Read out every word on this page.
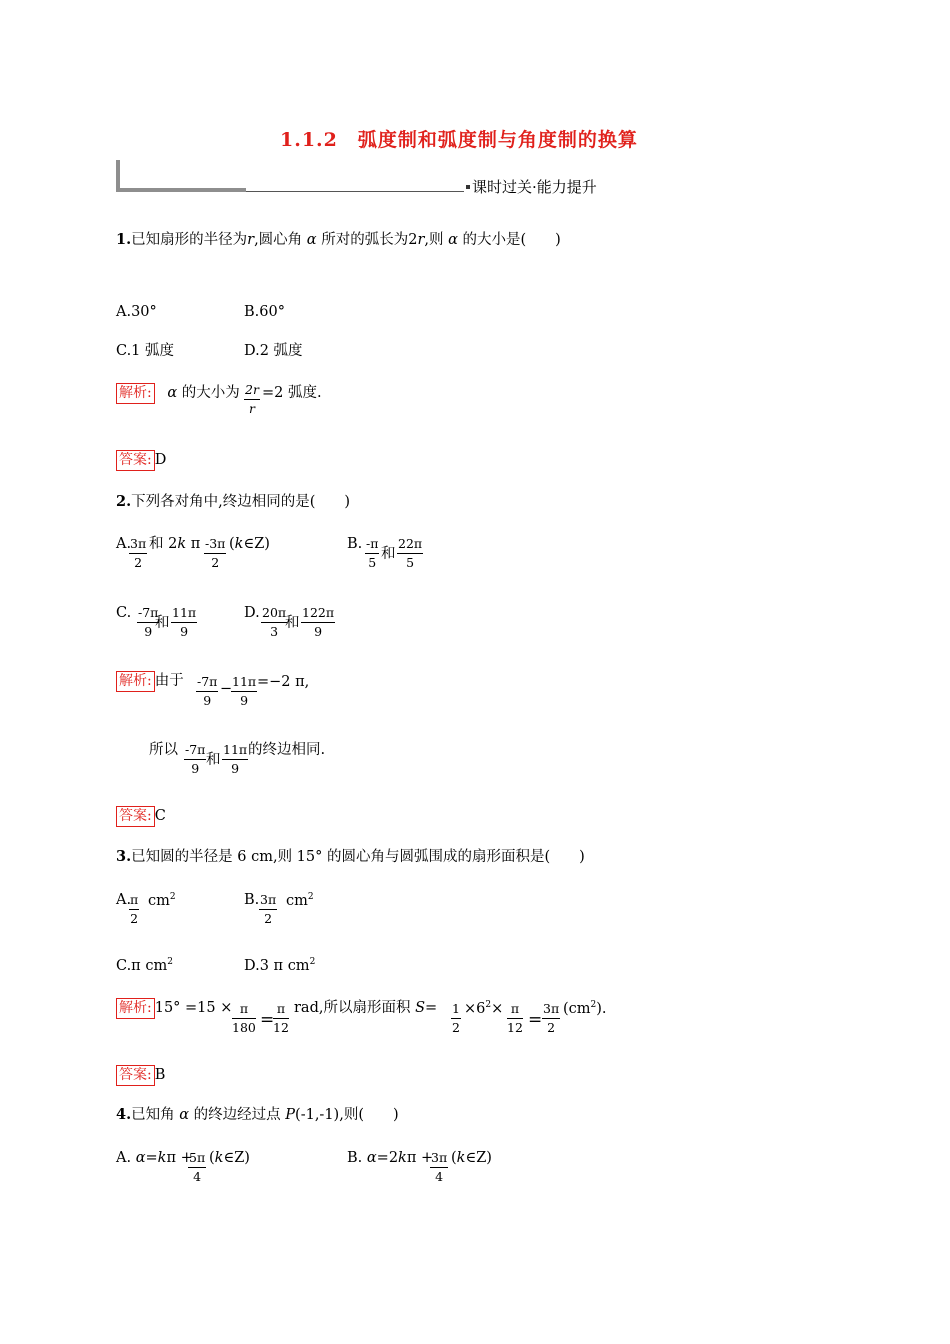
1.1.2　弧度制和弧度制与角度制的换算
课时过关·能力提升
1.已知扇形的半径为r,圆心角 α 所对的弧长为2r,则 α 的大小是(　　)
A.30°	B.60°
C.1 弧度	D.2 弧度
解析: α 的大小为 $\frac{2r}{r} =2$ 弧度.
答案: D
2.下列各对角中,终边相同的是(　　)
A.
$\frac{3\pi}{2}$ 和 2k π $\frac{-3\pi}{2}$ (k∈Z)	B. $\frac{-\pi}{5}$ 和 $\frac{22\pi}{5}$
C. $\frac{-7\pi}{9}$
和 $\frac{11\pi}{9}$	D. $\frac{20\pi}{3}$
和 $\frac{122\pi}{9}$
解析: 由于 $\frac{-7\pi}{9}$ −
$\frac{11\pi}{9} =-2$ π,
所以 $\frac{-7\pi}{9}$ 和 $\frac{11\pi}{9}$ 的终边相同.
答案: C
3.已知圆的半径是 6 cm,则 15° 的圆心角与圆弧围成的扇形面积是(　　)
A.
$\frac{\pi}{2} cm^2$	B. $\frac{3\pi}{2} cm^2$
C.π $cm^2$	D.3 π $cm^2$
解析: $15^\circ =15 \times \frac{\pi}{180}$ =
$\frac{\pi}{12}$ rad,所以扇形面积 $S= \frac{1}{2} \times 6^2\times \frac{\pi}{12} = \frac{3\pi}{2} (cm^2)$.
答案: B
4.已知角 α 的终边经过点 P(-1,-1),则(　　)
A. α=kπ +
$\frac{5\pi}{4}$ (k∈Z)	B. α=2kπ +
$\frac{3\pi}{4}$ (k∈Z)
